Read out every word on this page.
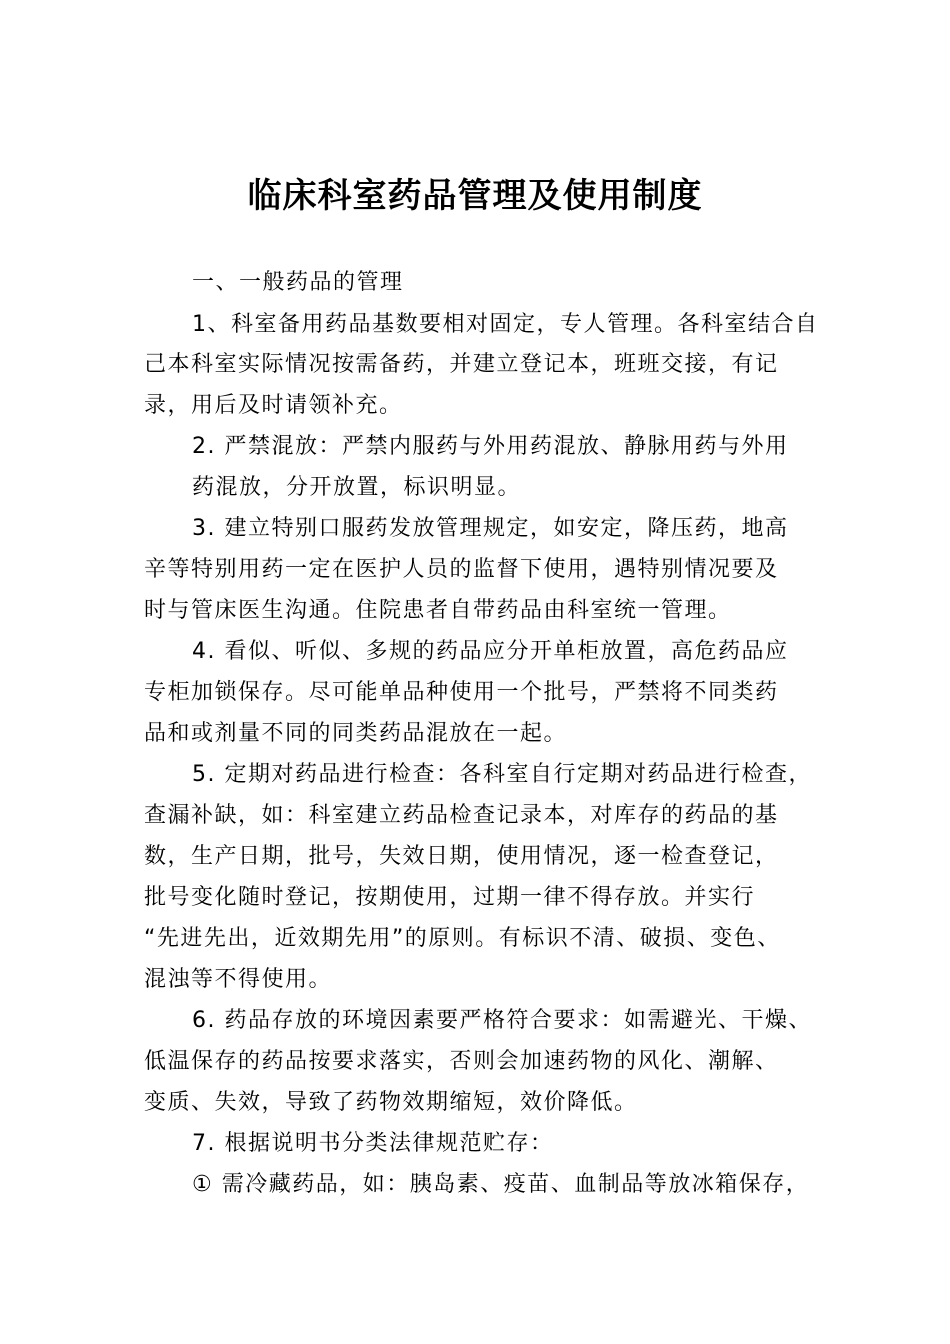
临床科室药品管理及使用制度
一、一般药品的管理
1、科室备用药品基数要相对固定，专人管理。各科室结合自
己本科室实际情况按需备药，并建立登记本，班班交接，有记
录，用后及时请领补充。
2. 严禁混放：严禁内服药与外用药混放、静脉用药与外用
药混放，分开放置，标识明显。
3. 建立特别口服药发放管理规定，如安定，降压药，地高
辛等特别用药一定在医护人员的监督下使用，遇特别情况要及
时与管床医生沟通。住院患者自带药品由科室统一管理。
4. 看似、听似、多规的药品应分开单柜放置，高危药品应
专柜加锁保存。尽可能单品种使用一个批号，严禁将不同类药
品和或剂量不同的同类药品混放在一起。
5. 定期对药品进行检查：各科室自行定期对药品进行检查，
查漏补缺，如：科室建立药品检查记录本，对库存的药品的基
数，生产日期，批号，失效日期，使用情况，逐一检查登记，
批号变化随时登记，按期使用，过期一律不得存放。并实行
“先进先出，近效期先用”的原则。有标识不清、破损、变色、
混浊等不得使用。
6. 药品存放的环境因素要严格符合要求：如需避光、干燥、
低温保存的药品按要求落实，否则会加速药物的风化、潮解、
变质、失效，导致了药物效期缩短，效价降低。
7. 根据说明书分类法律规范贮存：
① 需冷藏药品，如：胰岛素、疫苗、血制品等放冰箱保存，
